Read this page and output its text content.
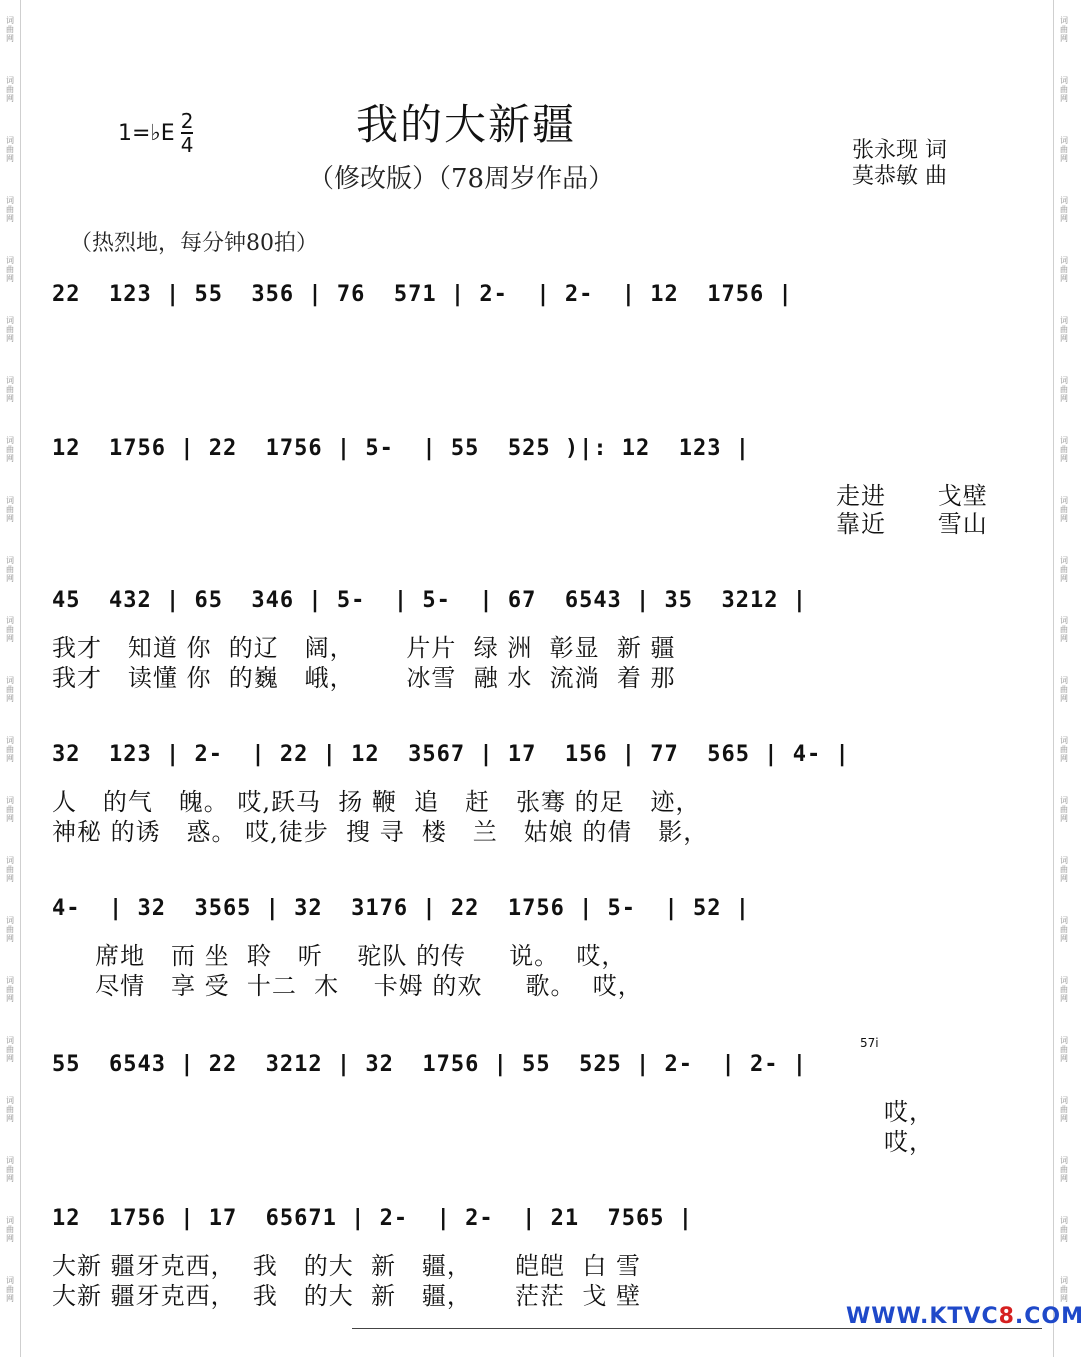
词曲网
词曲网
词曲网
词曲网
词曲网
词曲网
词曲网
词曲网
词曲网
词曲网
词曲网
词曲网
词曲网
词曲网
词曲网
词曲网
词曲网
词曲网
词曲网
词曲网
词曲网
词曲网
词曲网
词曲网
词曲网
词曲网
词曲网
词曲网
词曲网
词曲网
词曲网
词曲网
词曲网
词曲网
词曲网
词曲网
词曲网
词曲网
词曲网
词曲网
词曲网
词曲网
词曲网
词曲网
1=♭E $\frac{2}{4}$	我的大新疆
（修改版）（78周岁作品）
张永现 词
莫恭敏 曲
（热烈地，每分钟80拍）
22  123 | 55  356 | 76  571 | 2-  | 2-  | 12  1756 |
12  1756 | 22  1756 | 5-  | 55  525 )|: 12  123 |
走进      戈壁
靠近      雪山
45  432 | 65  346 | 5-  | 5-  | 67  6543 | 35  3212 |
我才   知道 你  的辽   阔，      片片  绿 洲  彰显  新 疆
我才   读懂 你  的巍   峨，      冰雪  融 水  流淌  着 那
32  123 | 2-  | 22 | 12  3567 | 17  156 | 77  565 | 4- |
人   的气   魄。 哎,跃马  扬 鞭  追   赶   张骞 的足   迹，
神秘 的诱   惑。 哎,徒步  搜 寻  楼   兰   姑娘 的倩   影，
4-  | 32  3565 | 32  3176 | 22  1756 | 5-  | 52 |
席地   而 坐  聆   听    驼队 的传     说。  哎，
尽情   享 受  十二  木    卡姆 的欢     歌。  哎，
57i
55  6543 | 22  3212 | 32  1756 | 55  525 | 2-  | 2- |
哎，
哎，
12  1756 | 17  65671 | 2-  | 2-  | 21  7565 |
大新 疆牙克西，  我   的大  新   疆，     皑皑  白 雪
大新 疆牙克西，  我   的大  新   疆，     茫茫  戈 壁
WWW.KTVC8.COM
